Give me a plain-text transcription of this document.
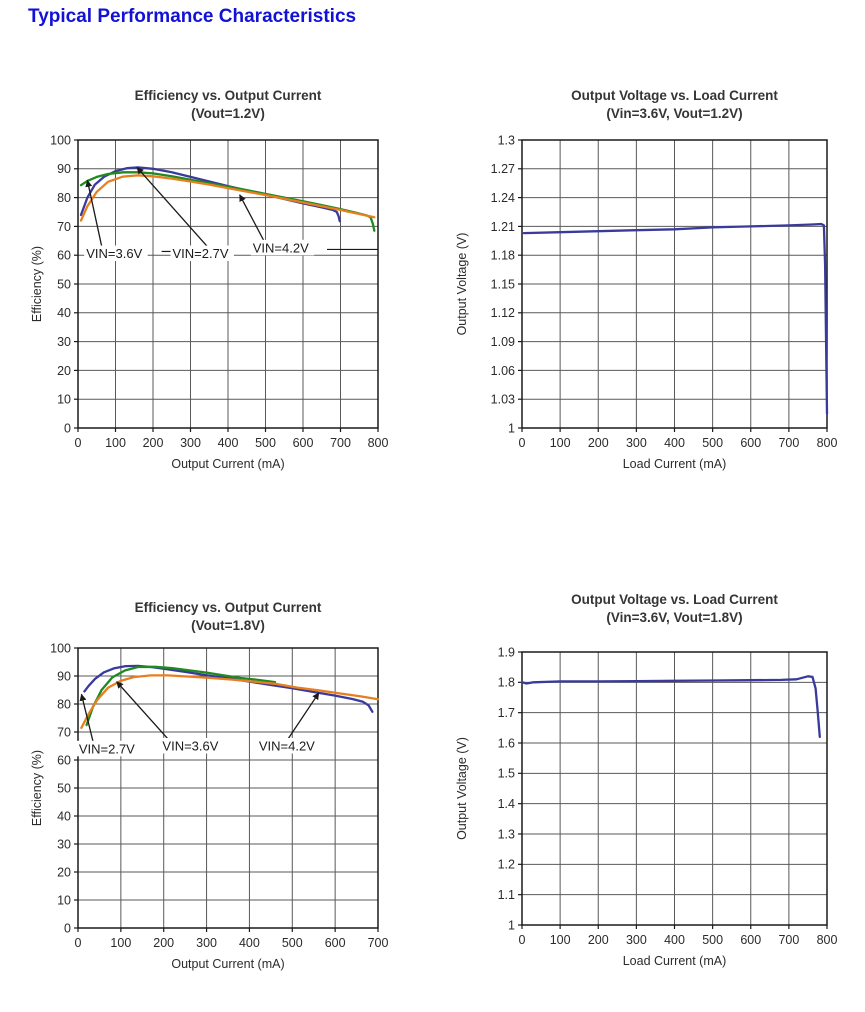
Typical Performance Characteristics
0 100 200 300 400 500 600 700 800
100
90
80
70
60
50
40
30
20
10
0
Output Current (mA)
Efficiency (%)	VIN=3.6V VIN=2.7V VIN=4.2V
Efficiency vs. Output Current
(Vout=1.2V)
0 100 200 300 400 500 600 700 800
1.3
1.27
1.24
1.21
1.18
1.15
1.12
1.09
1.06
1.03
1
Load Current (mA)
Output Voltage (V)
Output Voltage vs. Load Current
(Vin=3.6V, Vout=1.2V)
0 100 200 300 400 500 600 700
100
90
80
70
60
50
40
30
20
10
0
Output Current (mA)
Efficiency (%)
VIN=2.7V VIN=3.6V	VIN=4.2V
Efficiency vs. Output Current
(Vout=1.8V)
0 100 200 300 400 500 600 700 800
1.9
1.8
1.7
1.6
1.5
1.4
1.3
1.2
1.1
1
Load Current (mA)
Output Voltage (V)
Output Voltage vs. Load Current
(Vin=3.6V, Vout=1.8V)
